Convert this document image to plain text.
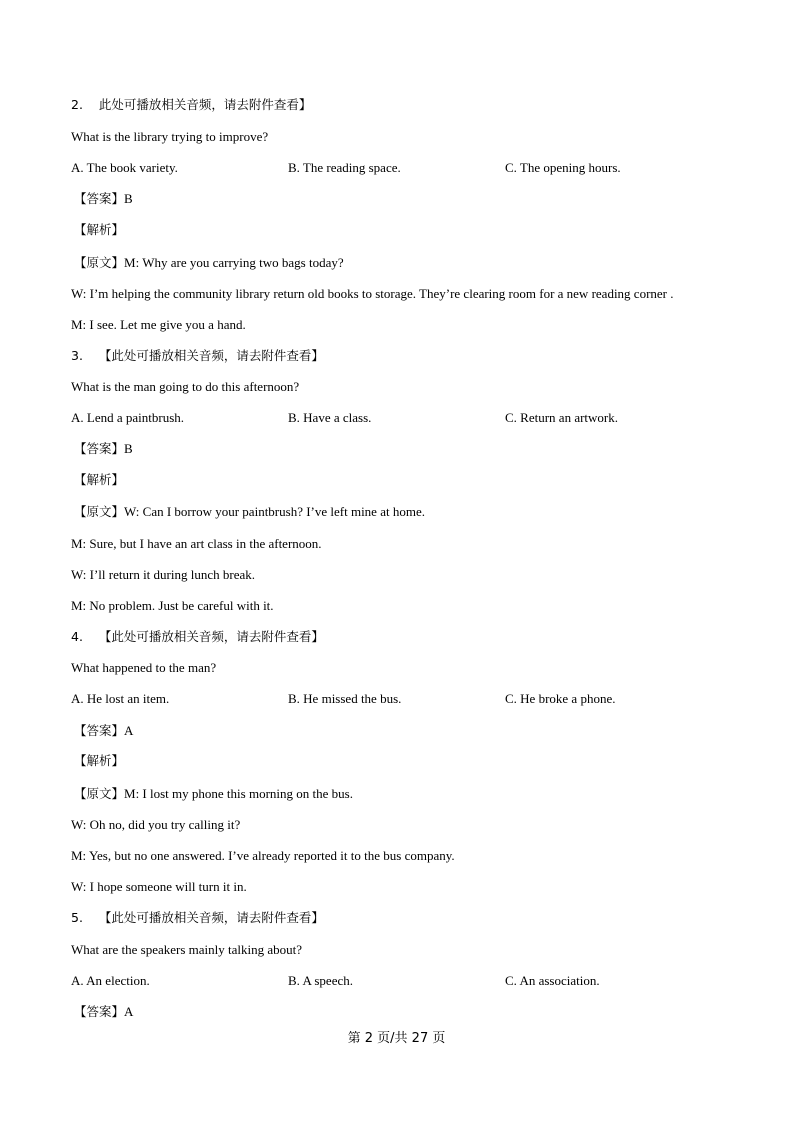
2. 此处可播放相关音频，请去附件查看】
What is the library trying to improve?
A. The book variety.	B. The reading space.	C. The opening hours.
【答案】B
【解析】
【原文】M: Why are you carrying two bags today?
W: I’m helping the community library return old books to storage. They’re clearing room for a new reading corner .
M: I see. Let me give you a hand.
3. 【此处可播放相关音频，请去附件查看】
What is the man going to do this afternoon?
A. Lend a paintbrush.	B. Have a class.	C. Return an artwork.
【答案】B
【解析】
【原文】W: Can I borrow your paintbrush? I’ve left mine at home.
M: Sure, but I have an art class in the afternoon.
W: I’ll return it during lunch break.
M: No problem. Just be careful with it.
4. 【此处可播放相关音频，请去附件查看】
What happened to the man?
A. He lost an item.	B. He missed the bus.	C. He broke a phone.
【答案】A
【解析】
【原文】M: I lost my phone this morning on the bus.
W: Oh no, did you try calling it?
M: Yes, but no one answered. I’ve already reported it to the bus company.
W: I hope someone will turn it in.
5. 【此处可播放相关音频，请去附件查看】
What are the speakers mainly talking about?
A. An election.	B. A speech.	C. An association.
【答案】A
第 2 页/共 27 页
